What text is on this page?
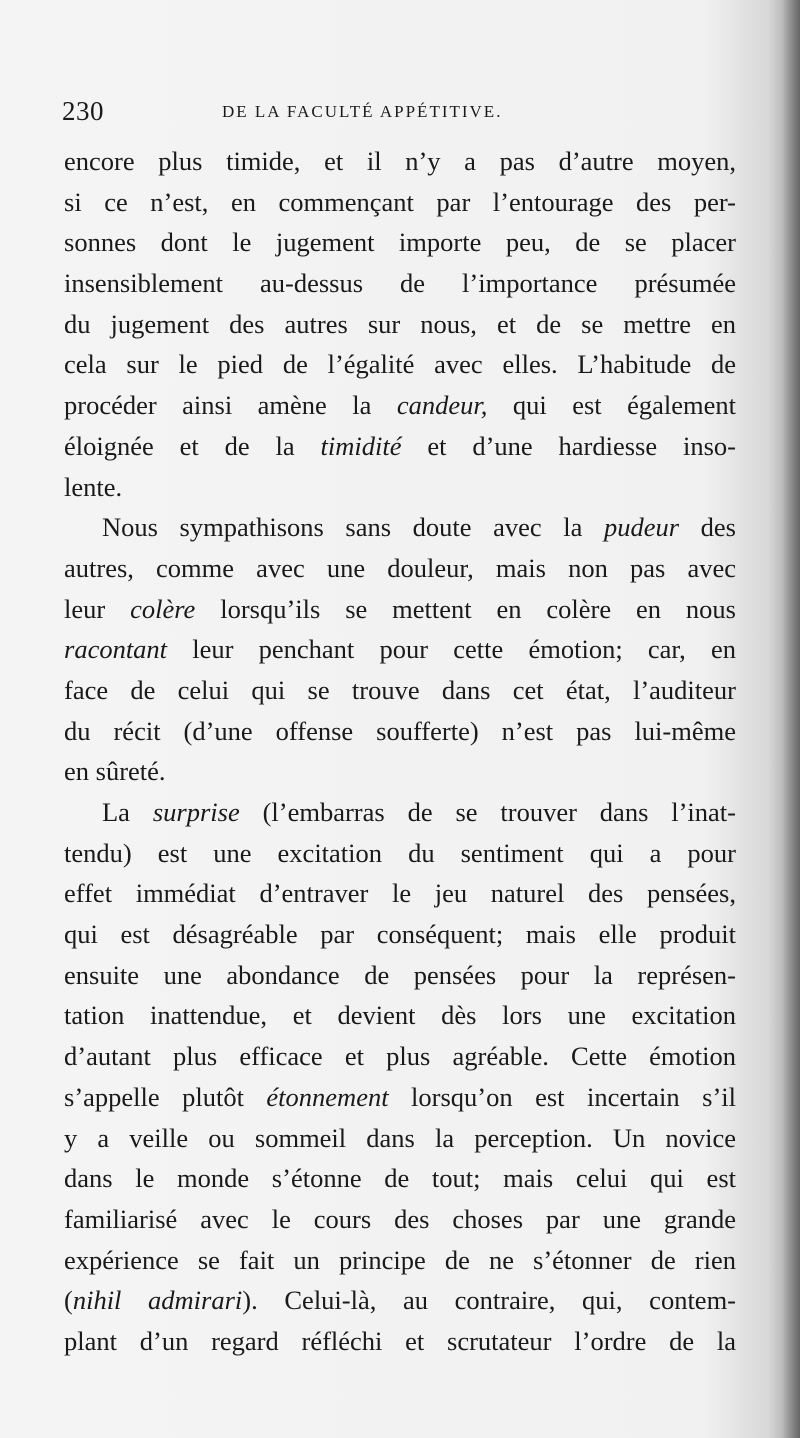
230	DE LA FACULTÉ APPÉTITIVE.
encore plus timide, et il n’y a pas d’autre moyen,
si ce n’est, en commençant par l’entourage des per-
sonnes dont le jugement importe peu, de se placer
insensiblement au-dessus de l’importance présumée
du jugement des autres sur nous, et de se mettre en
cela sur le pied de l’égalité avec elles. L’habitude de
procéder ainsi amène la candeur, qui est également
éloignée et de la timidité et d’une hardiesse inso-
lente.
Nous sympathisons sans doute avec la pudeur des
autres, comme avec une douleur, mais non pas avec
leur colère lorsqu’ils se mettent en colère en nous
racontant leur penchant pour cette émotion; car, en
face de celui qui se trouve dans cet état, l’auditeur
du récit (d’une offense soufferte) n’est pas lui-même
en sûreté.
La surprise (l’embarras de se trouver dans l’inat-
tendu) est une excitation du sentiment qui a pour
effet immédiat d’entraver le jeu naturel des pensées,
qui est désagréable par conséquent; mais elle produit
ensuite une abondance de pensées pour la représen-
tation inattendue, et devient dès lors une excitation
d’autant plus efficace et plus agréable. Cette émotion
s’appelle plutôt étonnement lorsqu’on est incertain s’il
y a veille ou sommeil dans la perception. Un novice
dans le monde s’étonne de tout; mais celui qui est
familiarisé avec le cours des choses par une grande
expérience se fait un principe de ne s’étonner de rien
(nihil admirari). Celui-là, au contraire, qui, contem-
plant d’un regard réfléchi et scrutateur l’ordre de la
